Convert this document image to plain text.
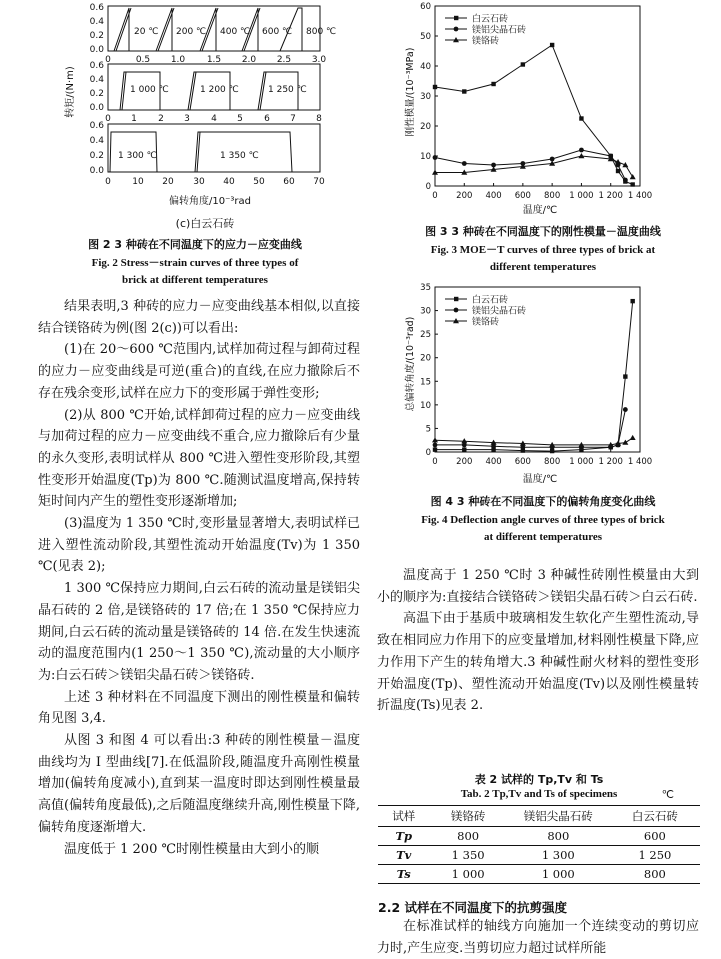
转矩/(N·m)
0.6
0.4
0.2
0.0
0	0.5 1.0 1.5 2.0 2.5 3.0
20 ℃ 200 ℃ 400 ℃ 600 ℃ 800 ℃
0.6
0.4
0.2
0.0
0 1 2 3 4 5 6 7 8
1 000 ℃	1 200 ℃	1 250 ℃
0.6
0.4
0.2
0.0
0 10 20 30 40 50 60 70
1 300 ℃	1 350 ℃
偏转角度/10⁻³rad
(c)白云石砖
图 2 3 种砖在不同温度下的应力－应变曲线
Fig. 2 Stress－strain curves of three types of
brick at different temperatures

结果表明,3 种砖的应力－应变曲线基本相似,以直接结合镁铬砖为例(图 2(c))可以看出:

(1)在 20～600 ℃范围内,试样加荷过程与卸荷过程的应力－应变曲线是可逆(重合)的直线,在应力撤除后不存在残余变形,试样在应力下的变形属于弹性变形;

(2)从 800 ℃开始,试样卸荷过程的应力－应变曲线与加荷过程的应力－应变曲线不重合,应力撤除后有少量的永久变形,表明试样从 800 ℃进入塑性变形阶段,其塑性变形开始温度(Tp)为 800 ℃.随测试温度增高,保持转矩时间内产生的塑性变形逐渐增加;

(3)温度为 1 350 ℃时,变形量显著增大,表明试样已进入塑性流动阶段,其塑性流动开始温度(Tv)为 1 350 ℃(见表 2);

1 300 ℃保持应力期间,白云石砖的流动量是镁铝尖晶石砖的 2 倍,是镁铬砖的 17 倍;在 1 350 ℃保持应力期间,白云石砖的流动量是镁铬砖的 14 倍.在发生快速流动的温度范围内(1 250～1 350 ℃),流动量的大小顺序为:白云石砖＞镁铝尖晶石砖＞镁铬砖.

上述 3 种材料在不同温度下测出的刚性模量和偏转角见图 3,4.

从图 3 和图 4 可以看出:3 种砖的刚性模量－温度曲线均为 Ⅰ 型曲线[7].在低温阶段,随温度升高刚性模量增加(偏转角度减小),直到某一温度时即达到刚性模量最高值(偏转角度最低),之后随温度继续升高,刚性模量下降,偏转角度逐渐增大.

温度低于 1 200 ℃时刚性模量由大到小的顺

刚性模量/(10⁻³MPa)
温度/℃
0
10
20
30
40
50
60
0 200 400 600 800 1 000 1 200 1 400
白云石砖
镁铝尖晶石砖
镁铬砖
图 3 3 种砖在不同温度下的刚性模量－温度曲线
Fig. 3 MOE－T curves of three types of brick at
different temperatures
总偏转角度/(10⁻³rad)
温度/℃
0
5
10
15
20
25
30
35
0 200 400 600 800 1 000 1 200 1 400
白云石砖
镁铝尖晶石砖
镁铬砖
图 4 3 种砖在不同温度下的偏转角度变化曲线
Fig. 4 Deflection angle curves of three types of brick
at different temperatures

温度高于 1 250 ℃时 3 种碱性砖刚性模量由大到小的顺序为:直接结合镁铬砖＞镁铝尖晶石砖＞白云石砖.

高温下由于基质中玻璃相发生软化产生塑性流动,导致在相同应力作用下的应变量增加,材料刚性模量下降,应力作用下产生的转角增大.3 种碱性耐火材料的塑性变形开始温度(Tp)、塑性流动开始温度(Tv)以及刚性模量转折温度(Ts)见表 2.

表 2 试样的 Tp,Tv 和 Ts
Tab. 2 Tp,Tv and Ts of specimens	℃
试样	镁铬砖	镁铝尖晶石砖	白云石砖
Tp	800	800	600
Tv	1 350	1 300	1 250
Ts	1 000	1 000	800
2.2 试样在不同温度下的抗剪强度

在标准试样的轴线方向施加一个连续变动的剪切应力时,产生应变.当剪切应力超过试样所能
